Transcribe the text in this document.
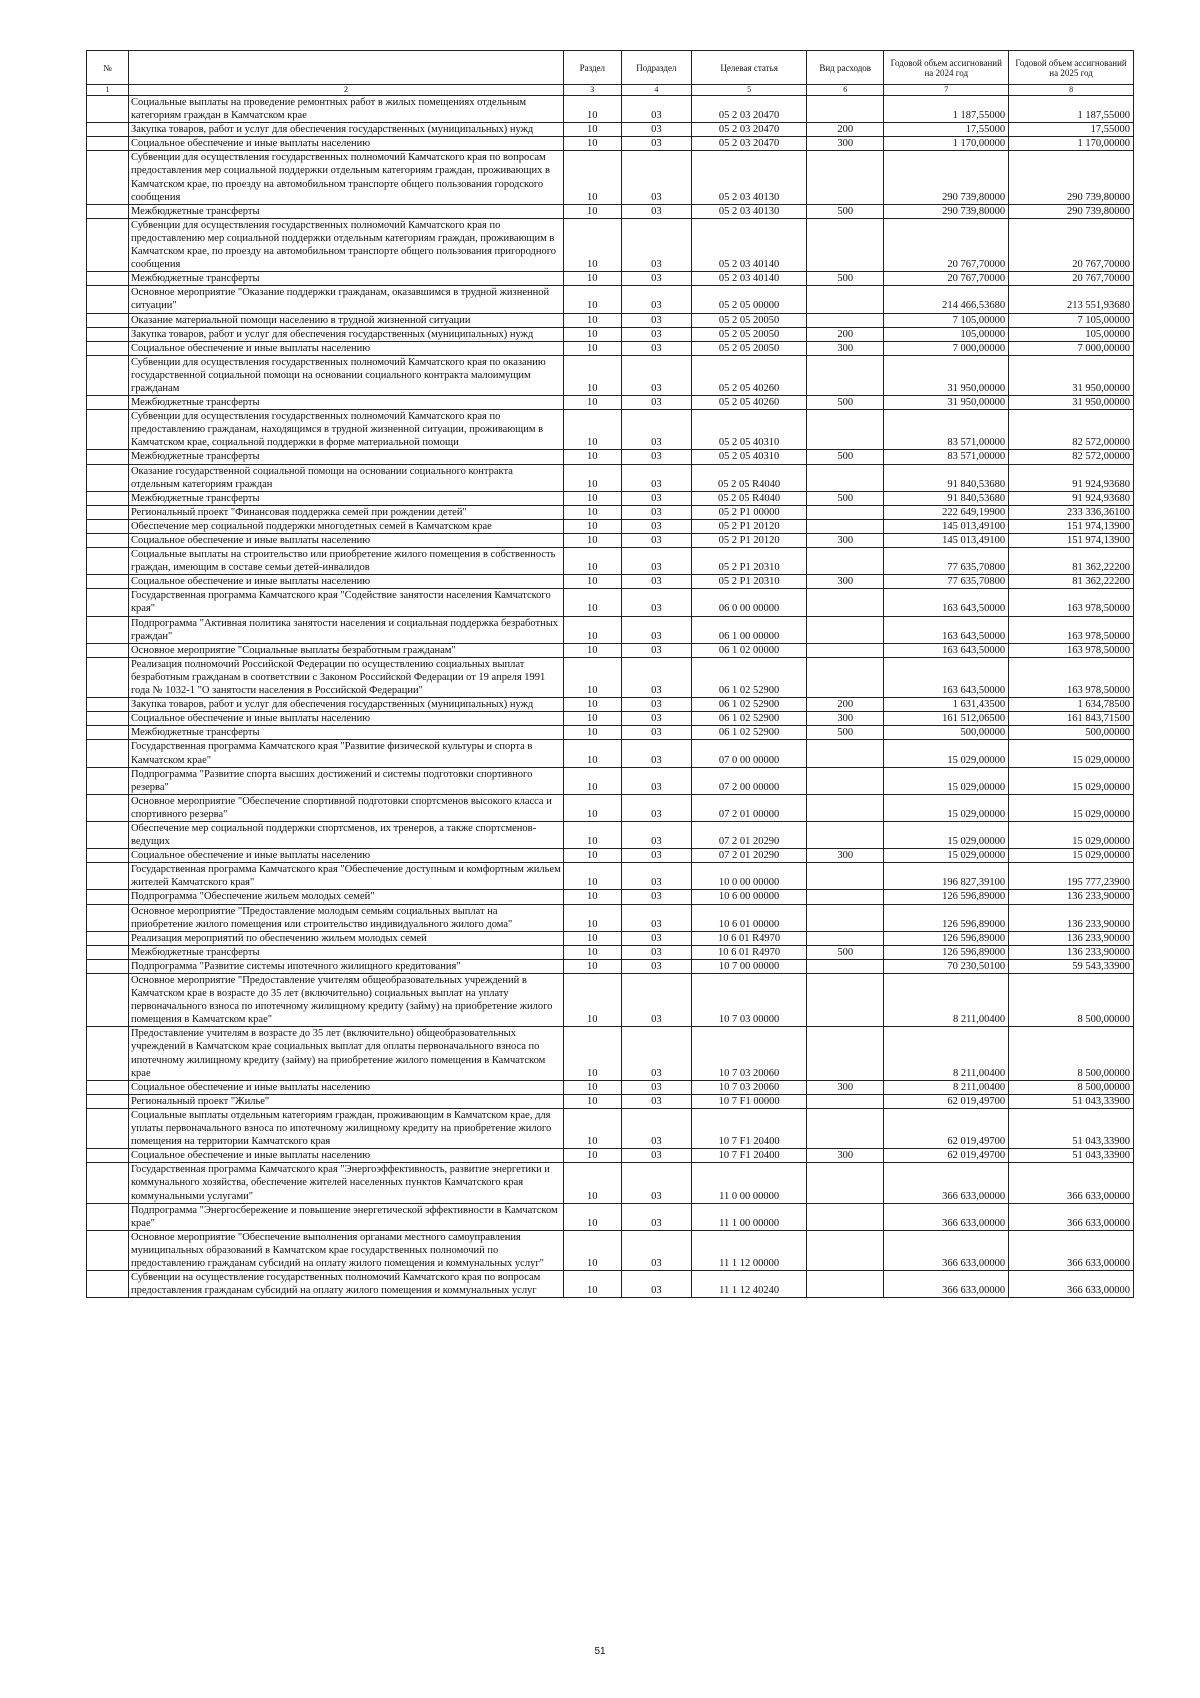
№		Раздел	Подраздел	Целевая статья	Вид расходов	Годовой объем ассигнований на 2024 год	Годовой объем ассигнований на 2025 год
1	2	3	4	5	6	7	8
	Социальные выплаты на проведение ремонтных работ в жилых помещениях отдельным категориям граждан в Камчатском крае	10	03	05 2 03 20470		1 187,55000	1 187,55000
	Закупка товаров, работ и услуг для обеспечения государственных (муниципальных) нужд	10	03	05 2 03 20470	200	17,55000	17,55000
	Социальное обеспечение и иные выплаты населению	10	03	05 2 03 20470	300	1 170,00000	1 170,00000
	Субвенции для осуществления государственных полномочий Камчатского края по вопросам предоставления мер социальной поддержки отдельным категориям граждан, проживающих в Камчатском крае, по проезду на автомобильном транспорте общего пользования городского сообщения	10	03	05 2 03 40130		290 739,80000	290 739,80000
	Межбюджетные трансферты	10	03	05 2 03 40130	500	290 739,80000	290 739,80000
	Субвенции для осуществления государственных полномочий Камчатского края по предоставлению мер социальной поддержки отдельным категориям граждан, проживающим в Камчатском крае, по проезду на автомобильном транспорте общего пользования пригородного сообщения	10	03	05 2 03 40140		20 767,70000	20 767,70000
	Межбюджетные трансферты	10	03	05 2 03 40140	500	20 767,70000	20 767,70000
	Основное мероприятие "Оказание поддержки гражданам, оказавшимся в трудной жизненной ситуации"	10	03	05 2 05 00000		214 466,53680	213 551,93680
	Оказание материальной помощи населению в трудной жизненной ситуации	10	03	05 2 05 20050		7 105,00000	7 105,00000
	Закупка товаров, работ и услуг для обеспечения государственных (муниципальных) нужд	10	03	05 2 05 20050	200	105,00000	105,00000
	Социальное обеспечение и иные выплаты населению	10	03	05 2 05 20050	300	7 000,00000	7 000,00000
	Субвенции для осуществления государственных полномочий Камчатского края по оказанию государственной социальной помощи на основании социального контракта малоимущим гражданам	10	03	05 2 05 40260		31 950,00000	31 950,00000
	Межбюджетные трансферты	10	03	05 2 05 40260	500	31 950,00000	31 950,00000
	Субвенции для осуществления государственных полномочий Камчатского края по предоставлению гражданам, находящимся в трудной жизненной ситуации, проживающим в Камчатском крае, социальной поддержки в форме материальной помощи	10	03	05 2 05 40310		83 571,00000	82 572,00000
	Межбюджетные трансферты	10	03	05 2 05 40310	500	83 571,00000	82 572,00000
	Оказание государственной социальной помощи на основании социального контракта отдельным категориям граждан	10	03	05 2 05 R4040		91 840,53680	91 924,93680
	Межбюджетные трансферты	10	03	05 2 05 R4040	500	91 840,53680	91 924,93680
	Региональный проект "Финансовая поддержка семей при рождении детей"	10	03	05 2 P1 00000		222 649,19900	233 336,36100
	Обеспечение мер социальной поддержки многодетных семей в Камчатском крае	10	03	05 2 P1 20120		145 013,49100	151 974,13900
	Социальное обеспечение и иные выплаты населению	10	03	05 2 P1 20120	300	145 013,49100	151 974,13900
	Социальные выплаты на строительство или приобретение жилого помещения в собственность граждан, имеющим в составе семьи детей-инвалидов	10	03	05 2 P1 20310		77 635,70800	81 362,22200
	Социальное обеспечение и иные выплаты населению	10	03	05 2 P1 20310	300	77 635,70800	81 362,22200
	Государственная программа Камчатского края "Содействие занятости населения Камчатского края"	10	03	06 0 00 00000		163 643,50000	163 978,50000
	Подпрограмма "Активная политика занятости населения и социальная поддержка безработных граждан"	10	03	06 1 00 00000		163 643,50000	163 978,50000
	Основное мероприятие "Социальные выплаты безработным гражданам"	10	03	06 1 02 00000		163 643,50000	163 978,50000
	Реализация полномочий Российской Федерации по осуществлению социальных выплат безработным гражданам в соответствии с Законом Российской Федерации от 19 апреля 1991 года № 1032-1 "О занятости населения в Российской Федерации"	10	03	06 1 02 52900		163 643,50000	163 978,50000
	Закупка товаров, работ и услуг для обеспечения государственных (муниципальных) нужд	10	03	06 1 02 52900	200	1 631,43500	1 634,78500
	Социальное обеспечение и иные выплаты населению	10	03	06 1 02 52900	300	161 512,06500	161 843,71500
	Межбюджетные трансферты	10	03	06 1 02 52900	500	500,00000	500,00000
	Государственная программа Камчатского края "Развитие физической культуры и спорта в Камчатском крае"	10	03	07 0 00 00000		15 029,00000	15 029,00000
	Подпрограмма "Развитие спорта высших достижений и системы подготовки спортивного резерва"	10	03	07 2 00 00000		15 029,00000	15 029,00000
	Основное мероприятие "Обеспечение спортивной подготовки спортсменов высокого класса и спортивного резерва"	10	03	07 2 01 00000		15 029,00000	15 029,00000
	Обеспечение мер социальной поддержки спортсменов, их тренеров, а также спортсменов-ведущих	10	03	07 2 01 20290		15 029,00000	15 029,00000
	Социальное обеспечение и иные выплаты населению	10	03	07 2 01 20290	300	15 029,00000	15 029,00000
	Государственная программа Камчатского края "Обеспечение доступным и комфортным жильем жителей Камчатского края"	10	03	10 0 00 00000		196 827,39100	195 777,23900
	Подпрограмма "Обеспечение жильем молодых семей"	10	03	10 6 00 00000		126 596,89000	136 233,90000
	Основное мероприятие "Предоставление молодым семьям социальных выплат на приобретение жилого помещения или строительство индивидуального жилого дома"	10	03	10 6 01 00000		126 596,89000	136 233,90000
	Реализация мероприятий по обеспечению жильем молодых семей	10	03	10 6 01 R4970		126 596,89000	136 233,90000
	Межбюджетные трансферты	10	03	10 6 01 R4970	500	126 596,89000	136 233,90000
	Подпрограмма "Развитие системы ипотечного жилищного кредитования"	10	03	10 7 00 00000		70 230,50100	59 543,33900
	Основное мероприятие "Предоставление учителям общеобразовательных учреждений в Камчатском крае в возрасте до 35 лет (включительно) социальных выплат на уплату первоначального взноса по ипотечному жилищному кредиту (займу) на приобретение жилого помещения в Камчатском крае"	10	03	10 7 03 00000		8 211,00400	8 500,00000
	Предоставление учителям в возрасте до 35 лет (включительно) общеобразовательных учреждений в Камчатском крае социальных выплат для оплаты первоначального взноса по ипотечному жилищному кредиту (займу) на приобретение жилого помещения в Камчатском крае	10	03	10 7 03 20060		8 211,00400	8 500,00000
	Социальное обеспечение и иные выплаты населению	10	03	10 7 03 20060	300	8 211,00400	8 500,00000
	Региональный проект "Жилье"	10	03	10 7 F1 00000		62 019,49700	51 043,33900
	Социальные выплаты отдельным категориям граждан, проживающим в Камчатском крае, для уплаты первоначального взноса по ипотечному жилищному кредиту на приобретение жилого помещения на территории Камчатского края	10	03	10 7 F1 20400		62 019,49700	51 043,33900
	Социальное обеспечение и иные выплаты населению	10	03	10 7 F1 20400	300	62 019,49700	51 043,33900
	Государственная программа Камчатского края "Энергоэффективность, развитие энергетики и коммунального хозяйства, обеспечение жителей населенных пунктов Камчатского края коммунальными услугами"	10	03	11 0 00 00000		366 633,00000	366 633,00000
	Подпрограмма "Энергосбережение и повышение энергетической эффективности в Камчатском крае"	10	03	11 1 00 00000		366 633,00000	366 633,00000
	Основное мероприятие "Обеспечение выполнения органами местного самоуправления муниципальных образований в Камчатском крае государственных полномочий по предоставлению гражданам субсидий на оплату жилого помещения и коммунальных услуг"	10	03	11 1 12 00000		366 633,00000	366 633,00000
	Субвенции на осуществление государственных полномочий Камчатского края по вопросам предоставления гражданам субсидий на оплату жилого помещения и коммунальных услуг	10	03	11 1 12 40240		366 633,00000	366 633,00000
51
